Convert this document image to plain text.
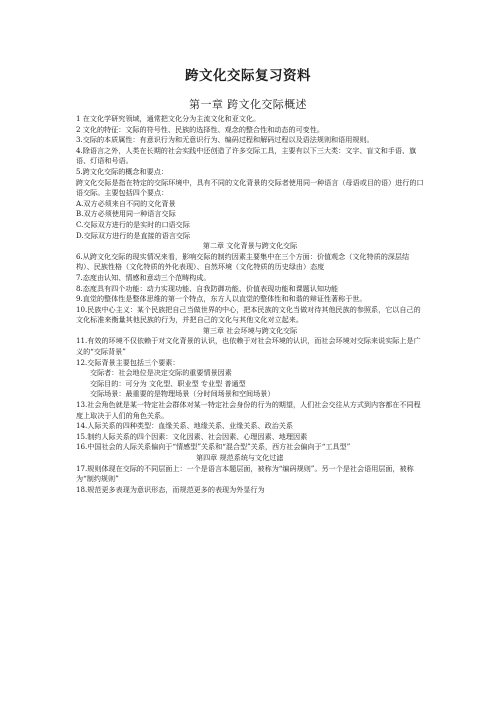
跨文化交际复习资料
第一章 跨文化交际概述

1 在文化学研究领域，通常把文化分为主流文化和亚文化。

2 文化的特征：文际的符号性、民族的选择性、观念的整合性和动态的可变性。

3.交际的本质属性：有意识行为和无意识行为、编码过程和解码过程以及语法规则和语用规则。

4.除语言之外，人类在长期的社会实践中还创造了许多交际工具，主要有以下三大类：文字、盲文和手语、旗语、灯语和号语。

5.跨文化交际的概念和要点：

跨文化交际是指在特定的交际环境中，具有不同的文化背景的交际者使用同一种语言（母语或目的语）进行的口语交际。主要包括四个要点：

A.双方必须来自不同的文化背景

B.双方必须使用同一种语言交际

C.交际双方进行的是实时的口语交际

D.交际双方进行的是直接的语言交际

第二章 文化背景与跨文化交际

6.从跨文化交际的现实情况来看，影响交际的制约因素主要集中在三个方面：价值观念（文化特质的深层结构）、民族性格（文化特质的外化表现）、自然环境（文化特质的历史绿由）态度

7.态度由认知、情感和意动三个范畴构成。

8.态度具有四个功能：动力实现功能、自我防御功能、价值表现功能和课题认知功能

9.直觉的整体性是整体思维的第一个特点，东方人以直觉的整体性和和谐的辩证性著称于世。

10.民族中心主义：某个民族把自己当做世界的中心，把本民族的文化当做对待其他民族的参照系，它以自己的文化标准来衡量其他民族的行为，并把自己的文化与其他文化对立起来。

第三章 社会环境与跨文化交际

11.有效的环境不仅依赖于对文化背景的认识，也依赖于对社会环境的认识，而社会环境对交际来说实际上是广义的“交际背景”

12.交际背景主要包括三个要素：

交际者：社会地位是决定交际的重要情景因素

交际目的：可分为 文化型、职业型 专业型 普通型

交际场景：最重要的是物理场景（分时间场景和空间场景）

13.社会角色就是某一特定社会群体对某一特定社会身份的行为的期望，人们社会交往从方式到内容都在不同程度上取决于人们的角色关系。

14.人际关系的四种类型：血缘关系、地缘关系、业缘关系、政治关系

15.制约人际关系的四个因素：文化因素、社会因素、心理因素、地理因素

16.中国社会的人际关系偏向于“情感型”关系和“混合型”关系，西方社会偏向于“工具型”

第四章 规范系统与文化过滤

17.规则体现在交际的不同层面上：一个是语言本题层面，被称为“编码规则”。另一个是社会语用层面，被称为“制约规则”

18.规范更多表现为意识形态，而规范更多的表现为外显行为
